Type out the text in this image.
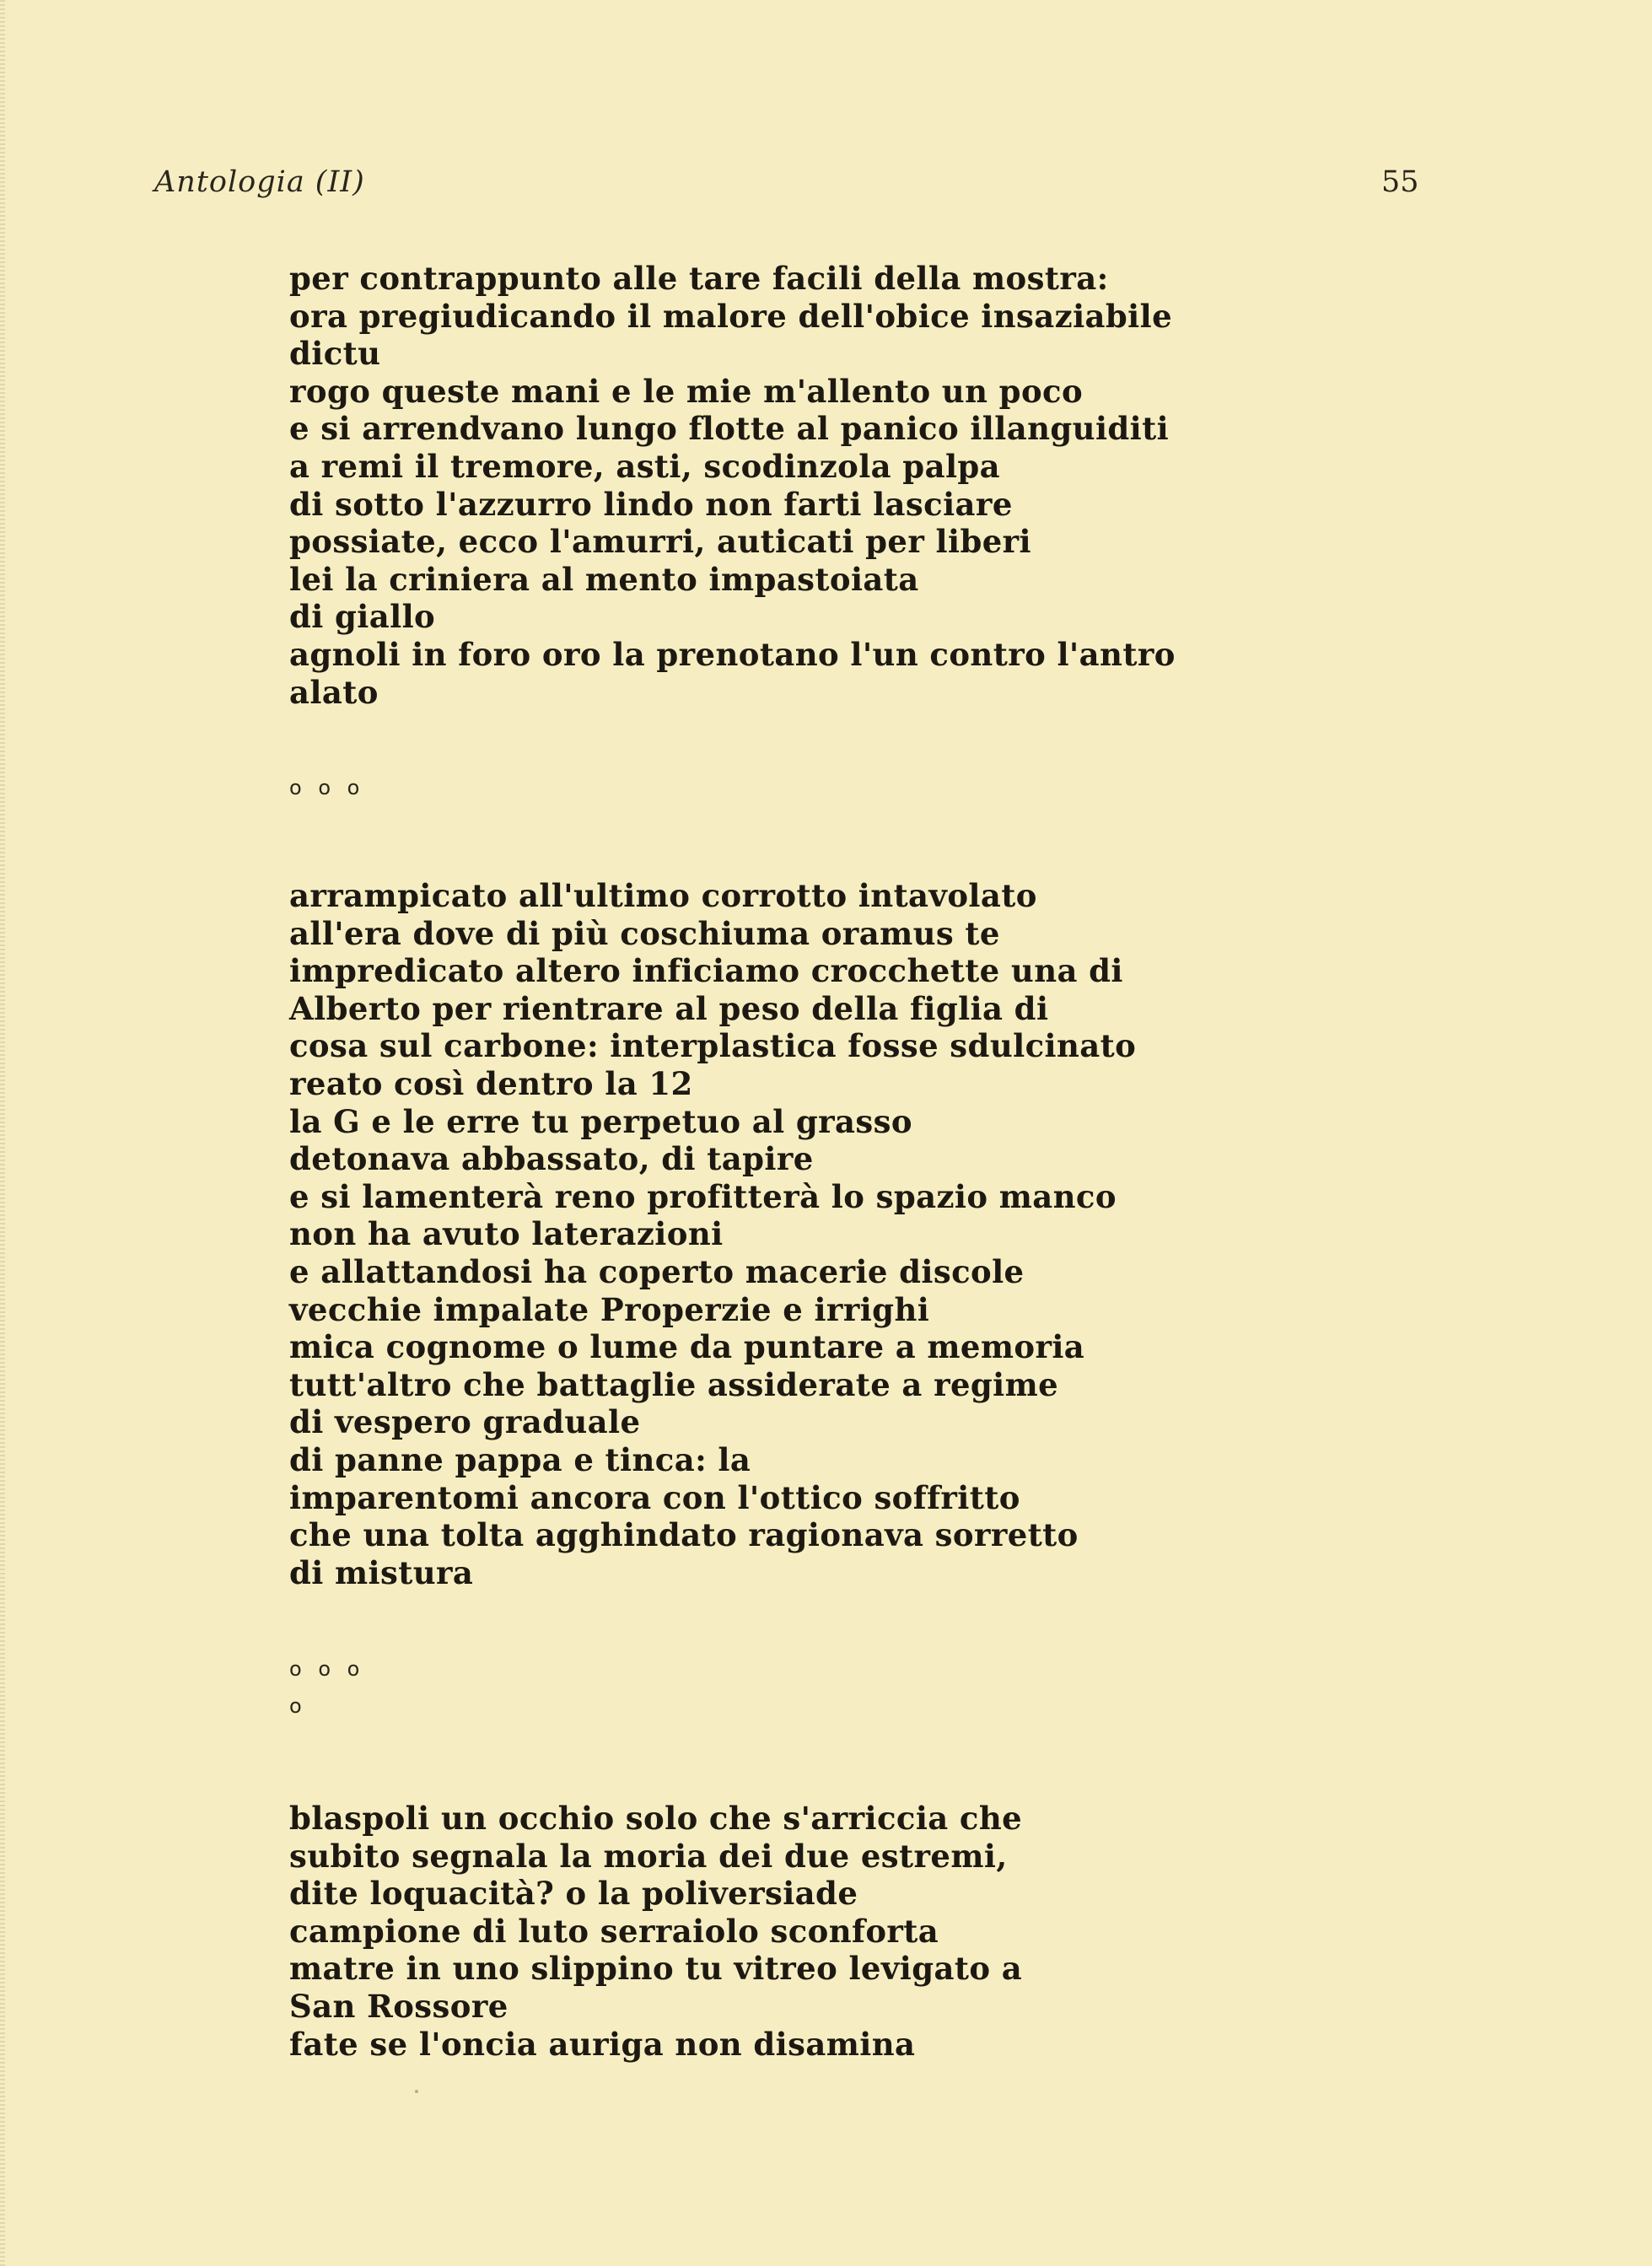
Antologia (II)	55
per contrappunto alle tare facili della mostra:
ora pregiudicando il malore dell'obice insaziabile
dictu
rogo queste mani e le mie m'allento un poco
e si arrendvano lungo flotte al panico illanguiditi
a remi il tremore, asti, scodinzola palpa
di sotto l'azzurro lindo non farti lasciare
possiate, ecco l'amurri, auticati per liberi
lei la criniera al mento impastoiata
di giallo
agnoli in foro oro la prenotano l'un contro l'antro
alato
o o o
arrampicato all'ultimo corrotto intavolato
all'era dove di più coschiuma oramus te
impredicato altero inficiamo crocchette una di
Alberto per rientrare al peso della figlia di
cosa sul carbone: interplastica fosse sdulcinato
reato così dentro la 12
la G e le erre tu perpetuo al grasso
detonava abbassato, di tapire
e si lamenterà reno profitterà lo spazio manco
non ha avuto laterazioni
e allattandosi ha coperto macerie discole
vecchie impalate Properzie e irrighi
mica cognome o lume da puntare a memoria
tutt'altro che battaglie assiderate a regime
di vespero graduale
di panne pappa e tinca: la
imparentomi ancora con l'ottico soffritto
che una tolta agghindato ragionava sorretto
di mistura
o o o
o
blaspoli un occhio solo che s'arriccia che
subito segnala la moria dei due estremi,
dite loquacità? o la poliversiade
campione di luto serraiolo sconforta
matre in uno slippino tu vitreo levigato a
San Rossore
fate se l'oncia auriga non disamina
